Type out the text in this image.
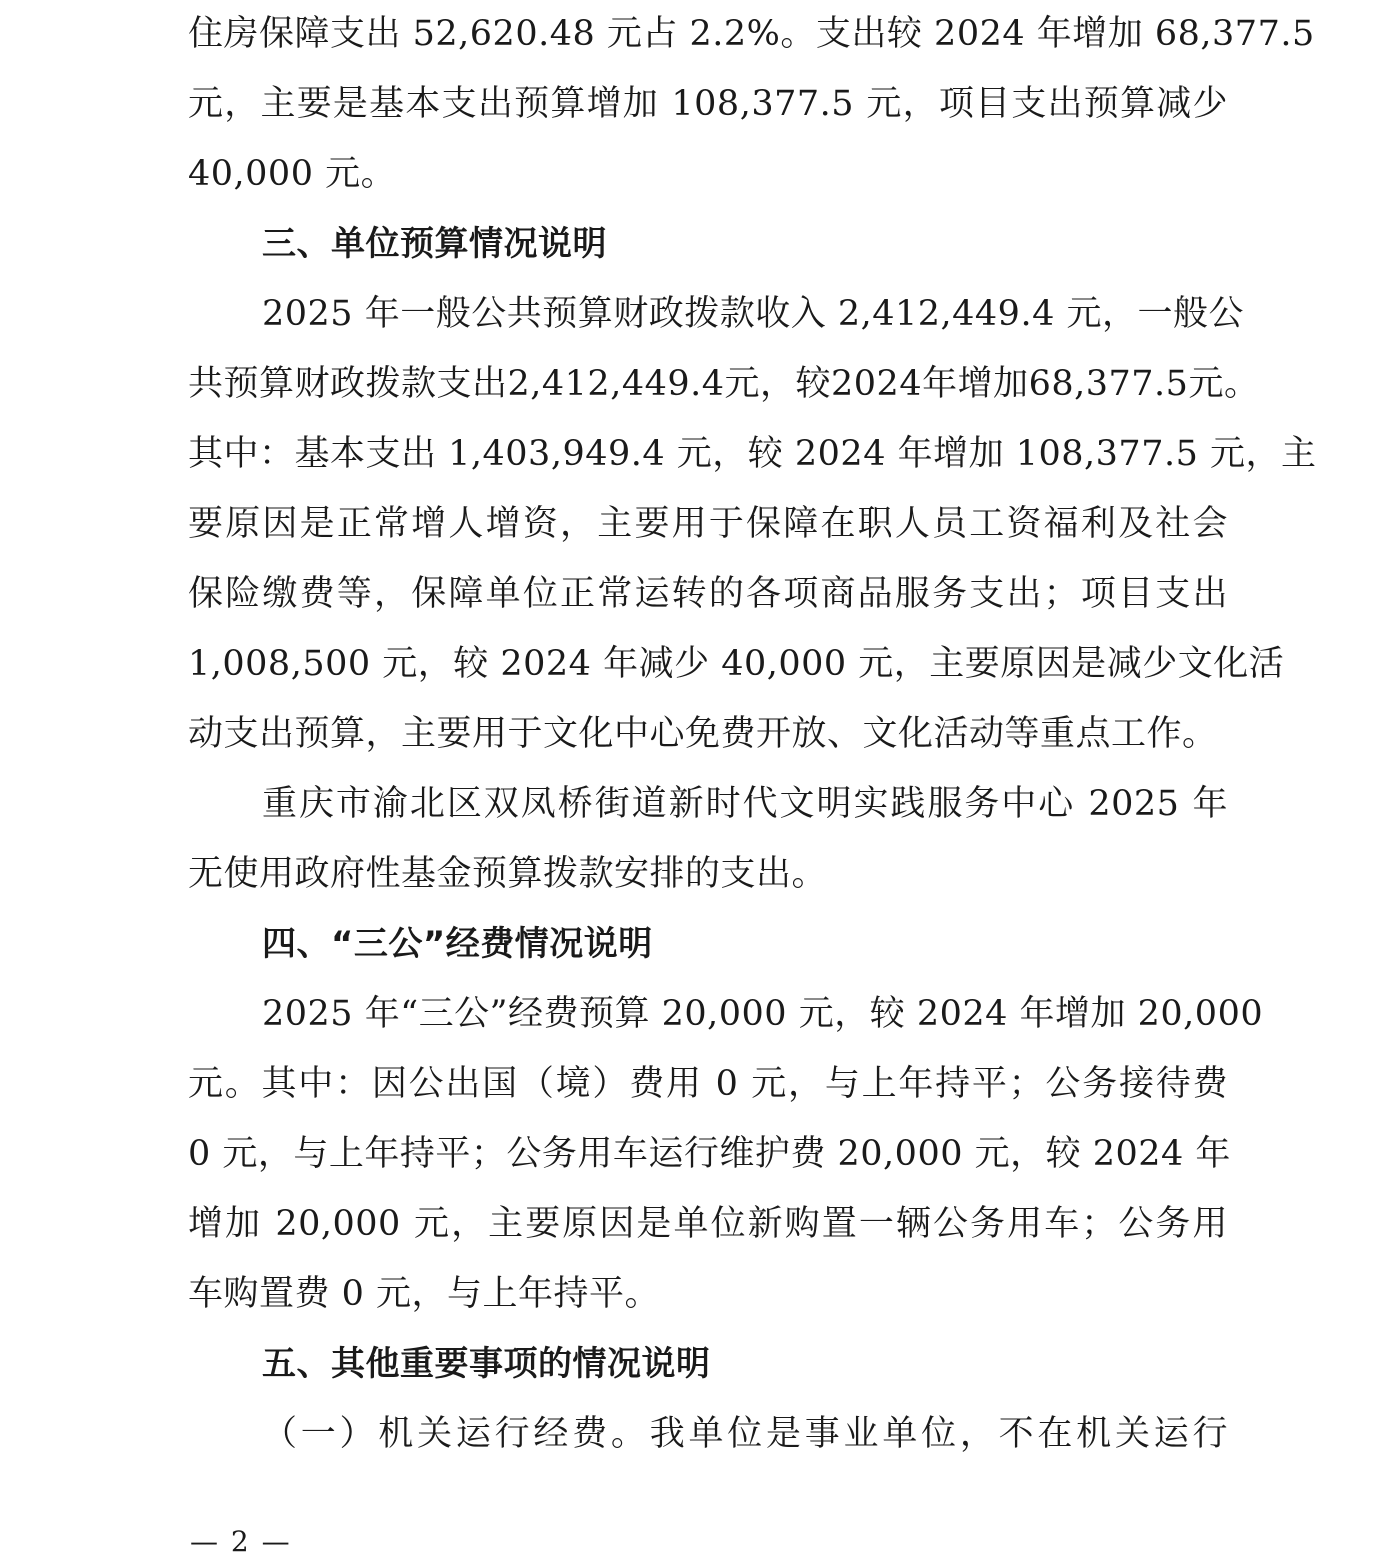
住房保障支出 52,620.48 元占 2.2%。支出较 2024 年增加 68,377.5
元，主要是基本支出预算增加 108,377.5 元，项目支出预算减少
40,000 元。
三、单位预算情况说明
2025 年一般公共预算财政拨款收入 2,412,449.4 元，一般公
共预算财政拨款支出2,412,449.4元，较2024年增加68,377.5元。
其中：基本支出 1,403,949.4 元，较 2024 年增加 108,377.5 元，主
要原因是正常增人增资，主要用于保障在职人员工资福利及社会
保险缴费等，保障单位正常运转的各项商品服务支出；项目支出
1,008,500 元，较 2024 年减少 40,000 元，主要原因是减少文化活
动支出预算，主要用于文化中心免费开放、文化活动等重点工作。
重庆市渝北区双凤桥街道新时代文明实践服务中心 2025 年
无使用政府性基金预算拨款安排的支出。
四、“三公”经费情况说明
2025 年“三公”经费预算 20,000 元，较 2024 年增加 20,000
元。其中：因公出国（境）费用 0 元，与上年持平；公务接待费
0 元，与上年持平；公务用车运行维护费 20,000 元，较 2024 年
增加 20,000 元，主要原因是单位新购置一辆公务用车；公务用
车购置费 0 元，与上年持平。
五、其他重要事项的情况说明
（一）机关运行经费。我单位是事业单位，不在机关运行
— 2 —
